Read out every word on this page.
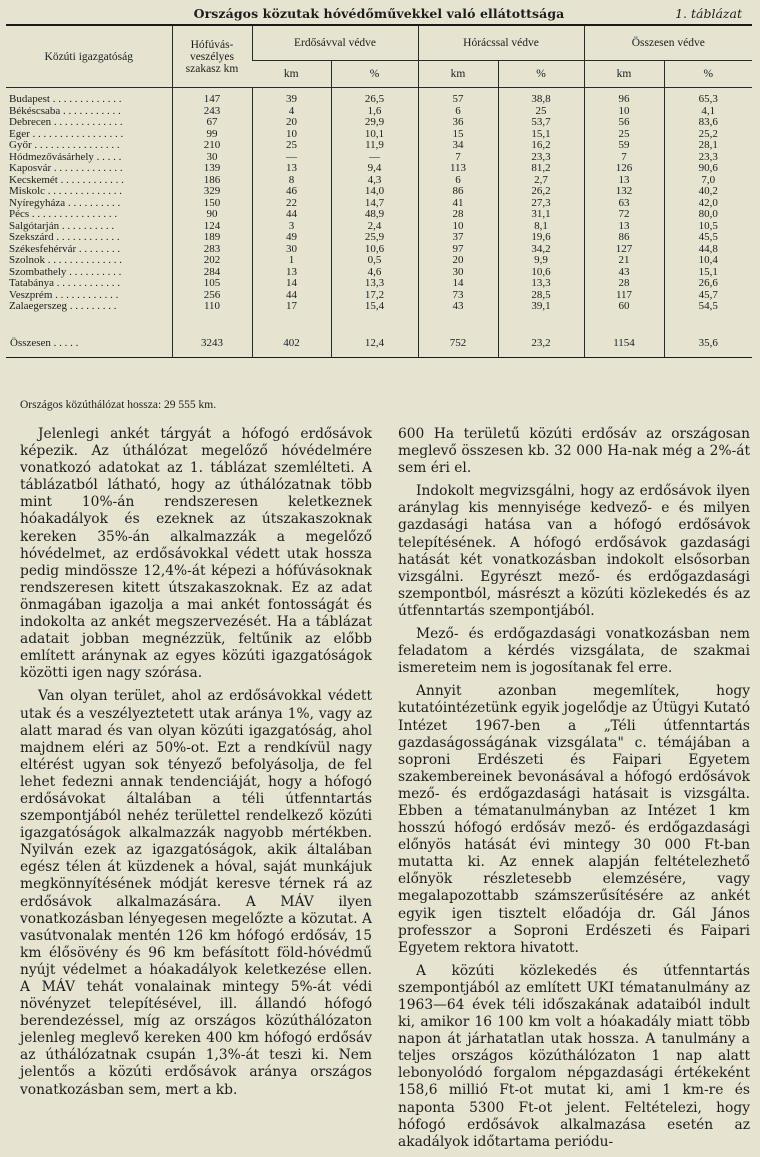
Országos közutak hóvédőművekkel való ellátottsága	1. táblázat
Közúti igazgatóság	Hófúvás-veszélyes szakasz km	Erdősávval védve		Hórácssal védve		Összesen védve	
		km	%	km	%	km	%
Budapest . . . . . . . . . . . . .	147	39	26,5	57	38,8	96	65,3
Békéscsaba . . . . . . . . . . .	243	4	1,6	6	25	10	4,1
Debrecen . . . . . . . . . . . . .	67	20	29,9	36	53,7	56	83,6
Eger . . . . . . . . . . . . . . . . .	99	10	10,1	15	15,1	25	25,2
Győr . . . . . . . . . . . . . . . .	210	25	11,9	34	16,2	59	28,1
Hódmezővásárhely . . . . .	30	—	—	7	23,3	7	23,3
Kaposvár . . . . . . . . . . . . .	139	13	9,4	113	81,2	126	90,6
Kecskemét . . . . . . . . . . . .	186	8	4,3	6	2,7	13	7,0
Miskolc . . . . . . . . . . . . . .	329	46	14,0	86	26,2	132	40,2
Nyíregyháza . . . . . . . . . .	150	22	14,7	41	27,3	63	42,0
Pécs . . . . . . . . . . . . . . . .	90	44	48,9	28	31,1	72	80,0
Salgótarján . . . . . . . . . .	124	3	2,4	10	8,1	13	10,5
Szekszárd . . . . . . . . . . . .	189	49	25,9	37	19,6	86	45,5
Székesfehérvár . . . . . . . .	283	30	10,6	97	34,2	127	44,8
Szolnok . . . . . . . . . . . . . .	202	1	0,5	20	9,9	21	10,4
Szombathely . . . . . . . . . .	284	13	4,6	30	10,6	43	15,1
Tatabánya . . . . . . . . . . . .	105	14	13,3	14	13,3	28	26,6
Veszprém . . . . . . . . . . . .	256	44	17,2	73	28,5	117	45,7
Zalaegerszeg . . . . . . . . .	110	17	15,4	43	39,1	60	54,5

Összesen . . . . .	3243	402	12,4	752	23,2	1154	35,6
Országos közúthálózat hossza: 29 555 km.

Jelenlegi ankét tárgyát a hófogó erdősávok képezik. Az úthálózat megelőző hóvédelmére vonatkozó adatokat az 1. táblázat szemlélteti. A táblázatból látható, hogy az úthálózatnak több mint 10%-án rendszeresen keletkeznek hóakadályok és ezeknek az útszakaszoknak kereken 35%-án alkalmazzák a megelőző hóvédelmet, az erdősávokkal védett utak hossza pedig mindössze 12,4%-át képezi a hófúvásoknak rendszeresen kitett útszakaszoknak. Ez az adat önmagában igazolja a mai ankét fontosságát és indokolta az ankét megszervezését. Ha a táblázat adatait jobban megnézzük, feltűnik az előbb említett aránynak az egyes közúti igazgatóságok közötti igen nagy szórása.

Van olyan terület, ahol az erdősávokkal védett utak és a veszélyeztetett utak aránya 1%, vagy az alatt marad és van olyan közúti igazgatóság, ahol majdnem eléri az 50%-ot. Ezt a rendkívül nagy eltérést ugyan sok tényező befolyásolja, de fel lehet fedezni annak tendenciáját, hogy a hófogó erdősávokat általában a téli útfenntartás szempontjából nehéz területtel rendelkező közúti igazgatóságok alkalmazzák nagyobb mértékben. Nyilván ezek az igazgatóságok, akik általában egész télen át küzdenek a hóval, saját munkájuk megkönnyítésének módját keresve térnek rá az erdősávok alkalmazására. A MÁV ilyen vonatkozásban lényegesen megelőzte a közutat. A vasútvonalak mentén 126 km hófogó erdősáv, 15 km élősövény és 96 km befásított föld-hóvédmű nyújt védelmet a hóakadályok keletkezése ellen. A MÁV tehát vonalainak mintegy 5%-át védi növényzet telepítésével, ill. állandó hófogó berendezéssel, míg az országos közúthálózaton jelenleg meglevő kereken 400 km hófogó erdősáv az úthálózatnak csupán 1,3%-át teszi ki. Nem jelentős a közúti erdősávok aránya országos vonatkozásban sem, mert a kb.

600 Ha területű közúti erdősáv az országosan meglevő összesen kb. 32 000 Ha-nak még a 2%-át sem éri el.

Indokolt megvizsgálni, hogy az erdősávok ilyen aránylag kis mennyisége kedvező- e és milyen gazdasági hatása van a hófogó erdősávok telepítésének. A hófogó erdősávok gazdasági hatását két vonatkozásban indokolt elsősorban vizsgálni. Egyrészt mező- és erdőgazdasági szempontból, másrészt a közúti közlekedés és az útfenntartás szempontjából.

Mező- és erdőgazdasági vonatkozásban nem feladatom a kérdés vizsgálata, de szakmai ismereteim nem is jogosítanak fel erre.

Annyit azonban megemlítek, hogy kutatóintézetünk egyik jogelődje az Útügyi Kutató Intézet 1967-ben a „Téli útfenntartás gazdaságosságának vizsgálata" c. témájában a soproni Erdészeti és Faipari Egyetem szakembereinek bevonásával a hófogó erdősávok mező- és erdőgazdasági hatásait is vizsgálta. Ebben a tématanulmányban az Intézet 1 km hosszú hófogó erdősáv mező- és erdőgazdasági előnyös hatását évi mintegy 30 000 Ft-ban mutatta ki. Az ennek alapján feltételezhető előnyök részletesebb elemzésére, vagy megalapozottabb számszerűsítésére az ankét egyik igen tisztelt előadója dr. Gál János professzor a Soproni Erdészeti és Faipari Egyetem rektora hivatott.

A közúti közlekedés és útfenntartás szempontjából az említett UKI tématanulmány az 1963—64 évek téli időszakának adataiból indult ki, amikor 16 100 km volt a hóakadály miatt több napon át járhatatlan utak hossza. A tanulmány a teljes országos közúthálózaton 1 nap alatt lebonyolódó forgalom népgazdasági értékeként 158,6 millió Ft-ot mutat ki, ami 1 km-re és naponta 5300 Ft-ot jelent. Feltételezi, hogy hófogó erdősávok alkalmazása esetén az akadályok időtartama periódu-
